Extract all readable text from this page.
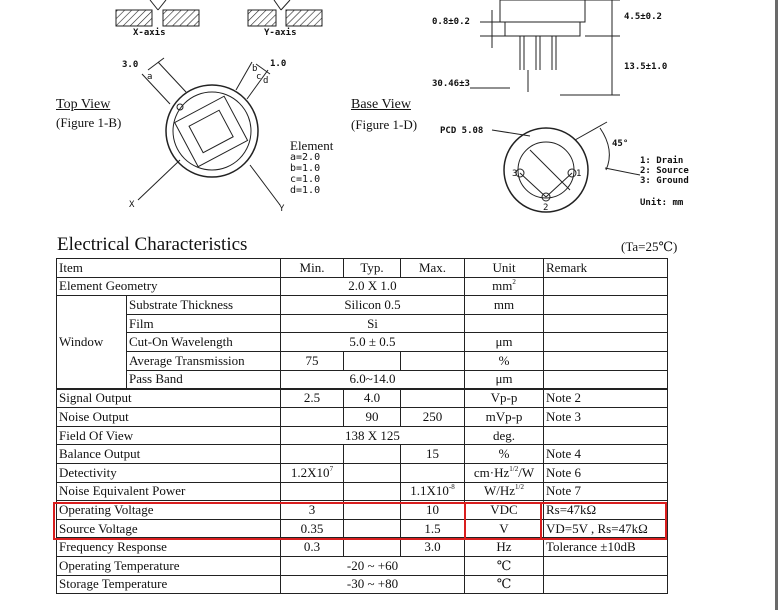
X-axis	Y-axis
3.0
a
b
c d
1.0
Top View
(Figure 1-B)
X	Y
Element
a=2.0
b=1.0
c=1.0
d=1.0
4.5±0.2
13.5±1.0
0.8±0.2
30.46±3
Base View
(Figure 1-D)	PCD 5.08
45°
3	1
2
1: Drain
2: Source
3: Ground
Unit: mm
Electrical Characteristics	(Ta=25℃)
Item		Min.	Typ.	Max.	Unit	Remark
Element Geometry		2.0 X 1.0			$mm^2$	
Window	Substrate Thickness	Silicon 0.5			mm	
	Film	Si				
	Cut-On Wavelength	5.0 ± 0.5			μm	
	Average Transmission	75			%	
	Pass Band	6.0~14.0			μm	

Signal Output		2.5	4.0		Vp-p	Note 2
Noise Output			90	250	mVp-p	Note 3
Field Of View		138 X 125			deg.	
Balance Output				15	%	Note 4
Detectivity		$1.2X10^7$			$cm\cdot Hz^{1/2}/W$	Note 6
Noise Equivalent Power				$1.1X10^{-8}$	$W/Hz^{1/2}$	Note 7
Operating Voltage		3		10	VDC	Rs=47kΩ
Source Voltage		0.35		1.5	V	VD=5V , Rs=47kΩ
Frequency Response		0.3		3.0	Hz	Tolerance ±10dB
Operating Temperature		-20 ~ +60			℃	
Storage Temperature		-30 ~ +80			℃	
